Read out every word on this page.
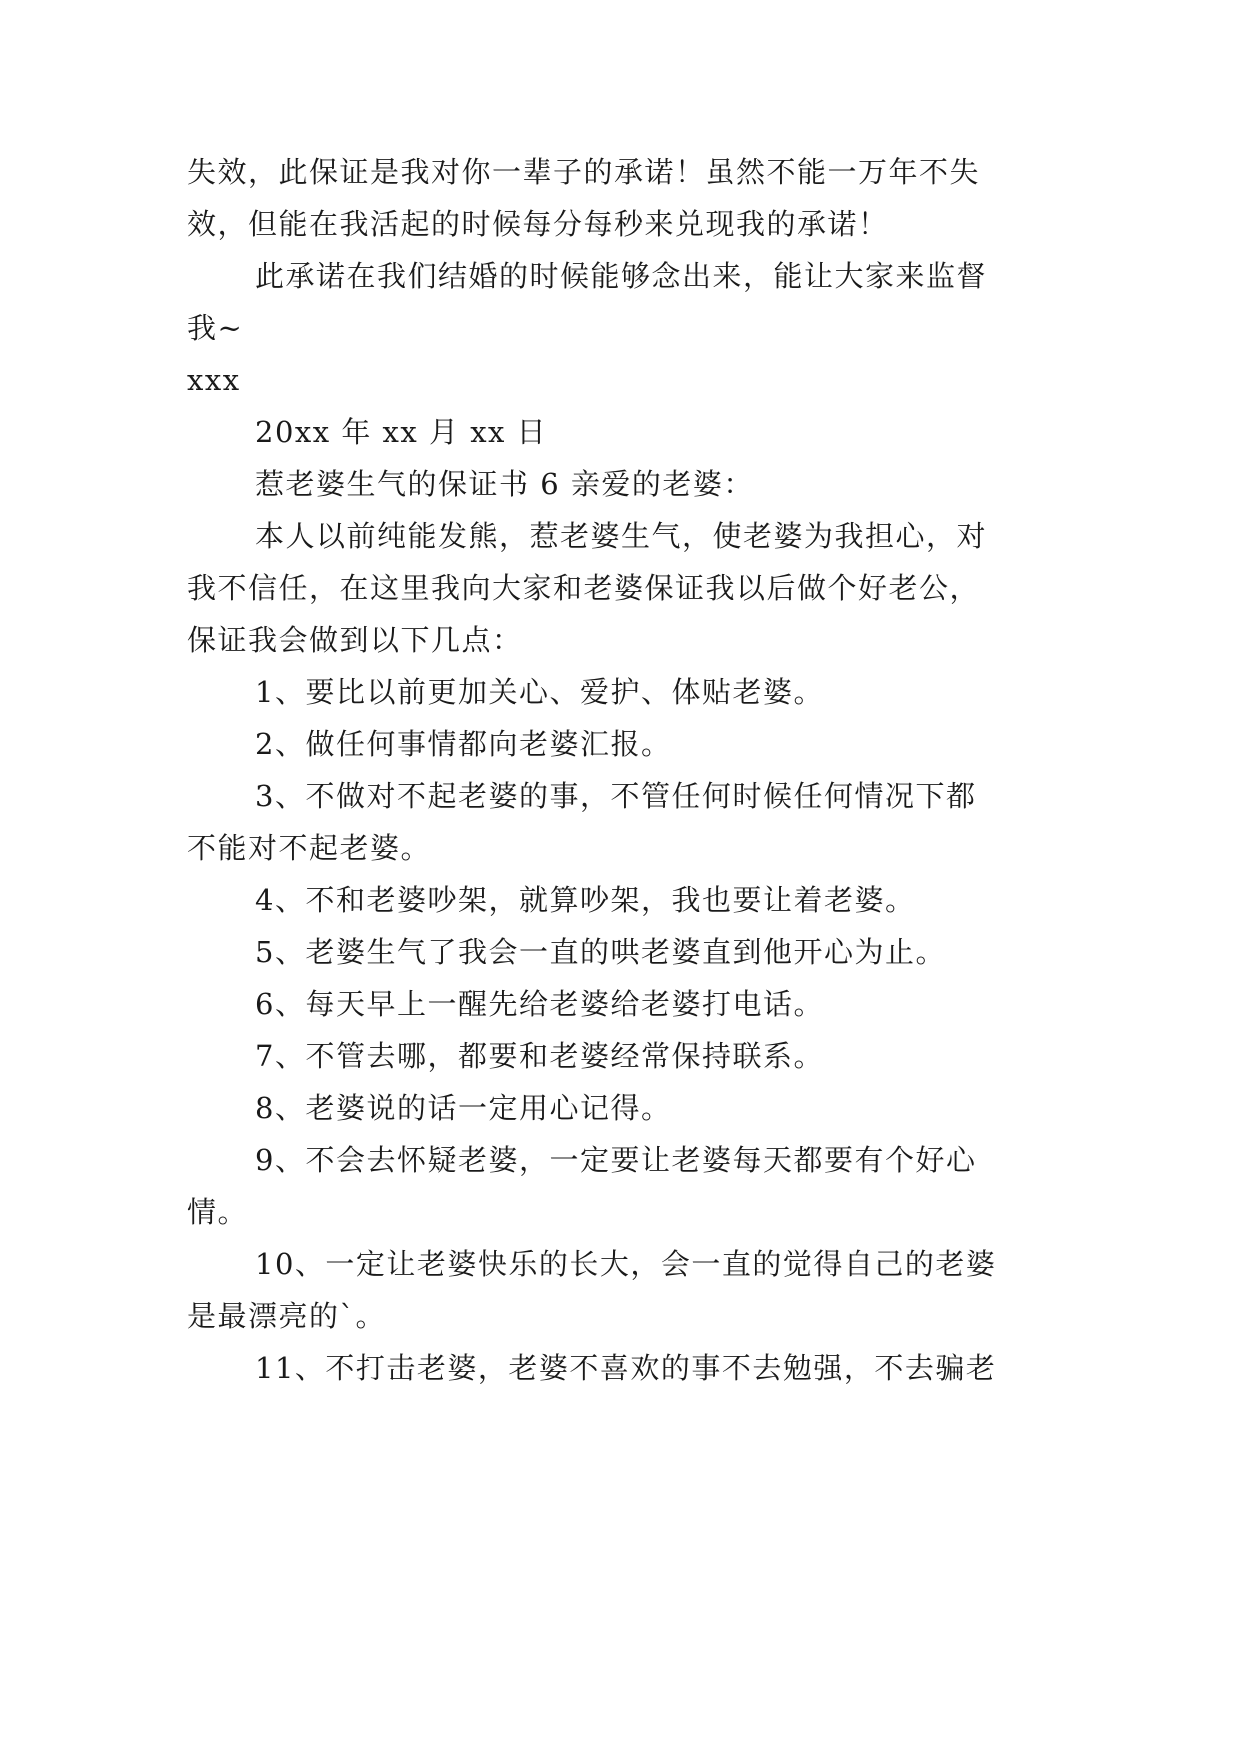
失效，此保证是我对你一辈子的承诺！虽然不能一万年不失
效，但能在我活起的时候每分每秒来兑现我的承诺！
此承诺在我们结婚的时候能够念出来，能让大家来监督
我~
xxx
20xx 年 xx 月 xx 日
惹老婆生气的保证书 6 亲爱的老婆：
本人以前纯能发熊，惹老婆生气，使老婆为我担心，对
我不信任，在这里我向大家和老婆保证我以后做个好老公，
保证我会做到以下几点：
1、要比以前更加关心、爱护、体贴老婆。
2、做任何事情都向老婆汇报。
3、不做对不起老婆的事，不管任何时候任何情况下都
不能对不起老婆。
4、不和老婆吵架，就算吵架，我也要让着老婆。
5、老婆生气了我会一直的哄老婆直到他开心为止。
6、每天早上一醒先给老婆给老婆打电话。
7、不管去哪，都要和老婆经常保持联系。
8、老婆说的话一定用心记得。
9、不会去怀疑老婆，一定要让老婆每天都要有个好心
情。
10、一定让老婆快乐的长大，会一直的觉得自己的老婆
是最漂亮的`。
11、不打击老婆，老婆不喜欢的事不去勉强，不去骗老
